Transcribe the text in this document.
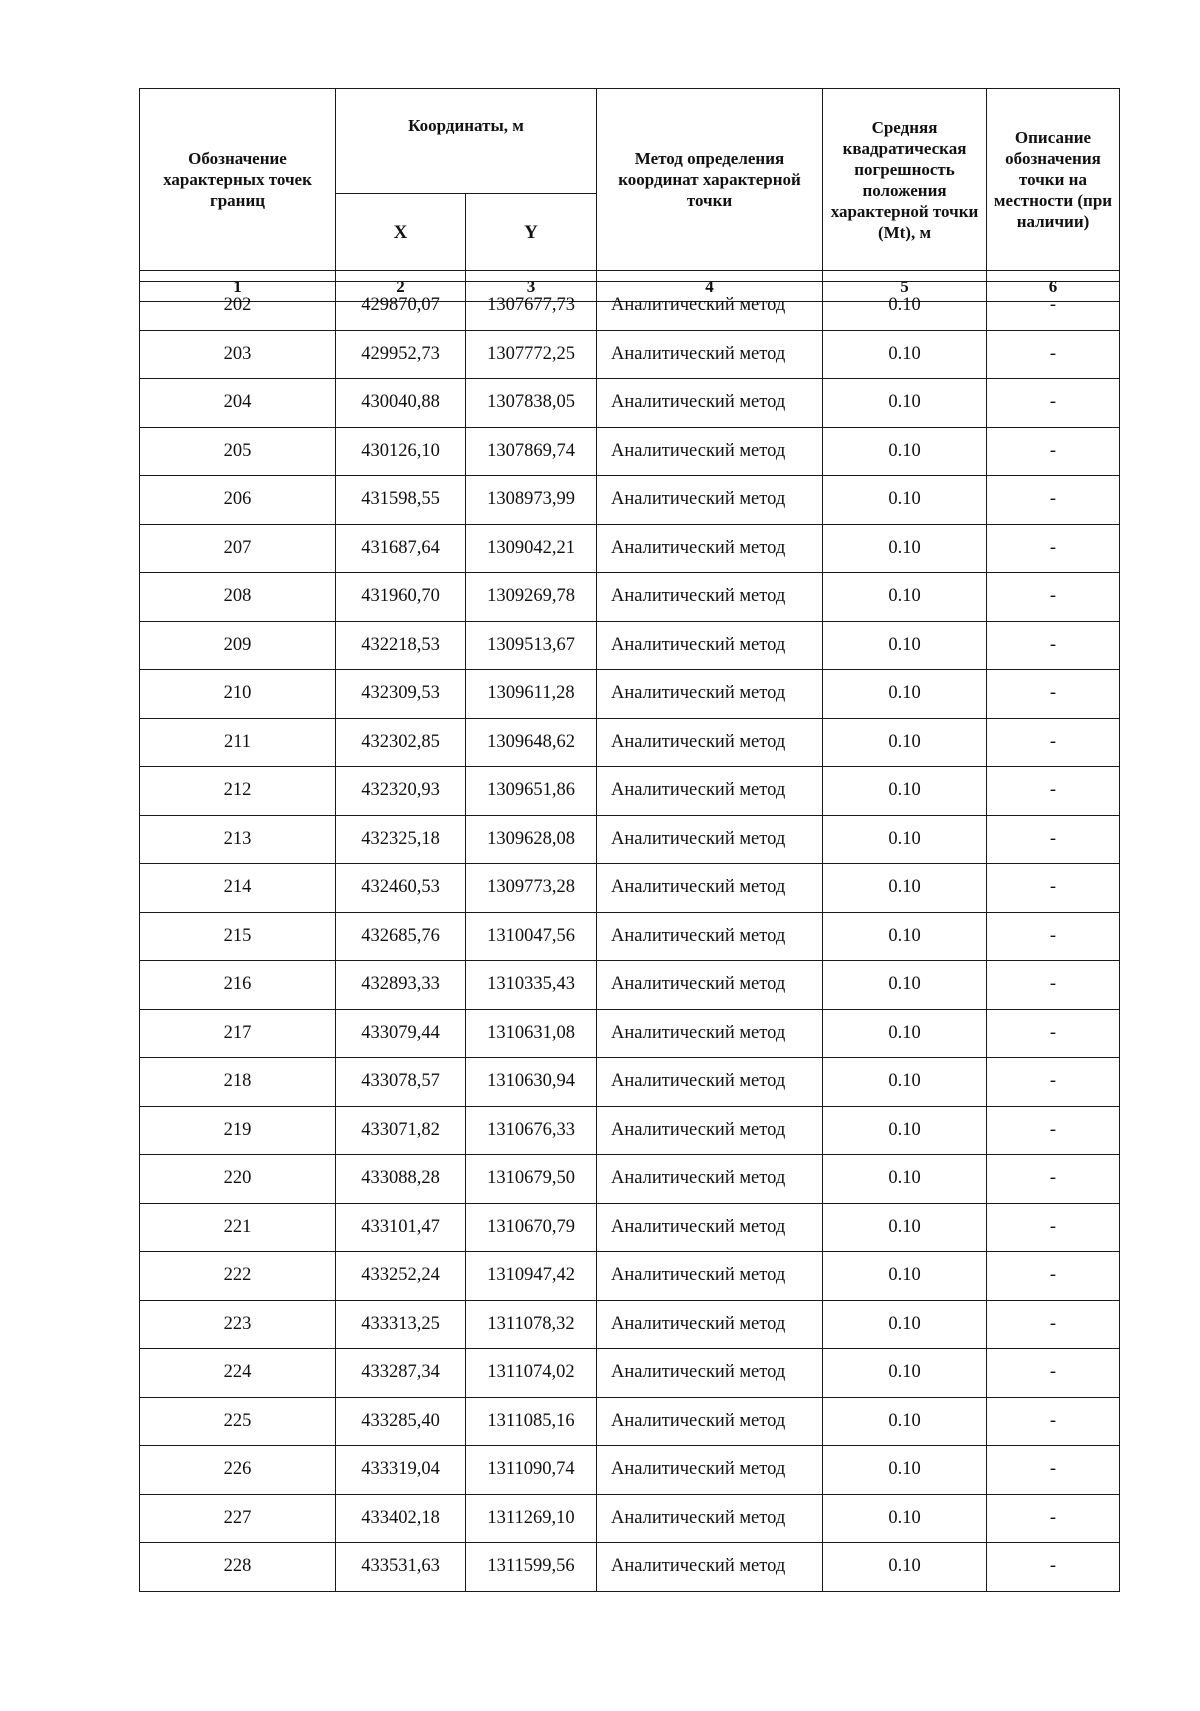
Обозначение характерных точек границ	Координаты, м		Метод определения координат характерной точки	Средняя квадратическая погрешность положения характерной точки (Mt), м	Описание обозначения точки на местности (при наличии)
	X	Y			
1	2	3	4	5	6
202	429870,07	1307677,73	Аналитический метод	0.10	-
203	429952,73	1307772,25	Аналитический метод	0.10	-
204	430040,88	1307838,05	Аналитический метод	0.10	-
205	430126,10	1307869,74	Аналитический метод	0.10	-
206	431598,55	1308973,99	Аналитический метод	0.10	-
207	431687,64	1309042,21	Аналитический метод	0.10	-
208	431960,70	1309269,78	Аналитический метод	0.10	-
209	432218,53	1309513,67	Аналитический метод	0.10	-
210	432309,53	1309611,28	Аналитический метод	0.10	-
211	432302,85	1309648,62	Аналитический метод	0.10	-
212	432320,93	1309651,86	Аналитический метод	0.10	-
213	432325,18	1309628,08	Аналитический метод	0.10	-
214	432460,53	1309773,28	Аналитический метод	0.10	-
215	432685,76	1310047,56	Аналитический метод	0.10	-
216	432893,33	1310335,43	Аналитический метод	0.10	-
217	433079,44	1310631,08	Аналитический метод	0.10	-
218	433078,57	1310630,94	Аналитический метод	0.10	-
219	433071,82	1310676,33	Аналитический метод	0.10	-
220	433088,28	1310679,50	Аналитический метод	0.10	-
221	433101,47	1310670,79	Аналитический метод	0.10	-
222	433252,24	1310947,42	Аналитический метод	0.10	-
223	433313,25	1311078,32	Аналитический метод	0.10	-
224	433287,34	1311074,02	Аналитический метод	0.10	-
225	433285,40	1311085,16	Аналитический метод	0.10	-
226	433319,04	1311090,74	Аналитический метод	0.10	-
227	433402,18	1311269,10	Аналитический метод	0.10	-
228	433531,63	1311599,56	Аналитический метод	0.10	-
